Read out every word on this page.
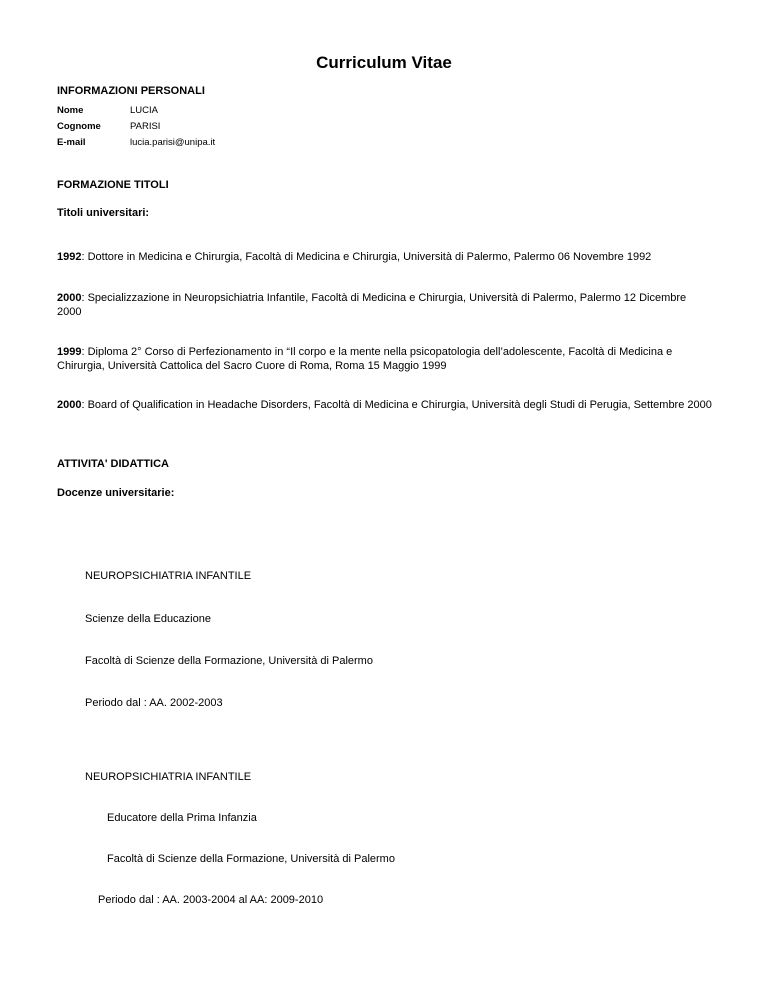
Curriculum Vitae
INFORMAZIONI PERSONALI
Nome	LUCIA
Cognome	PARISI
E-mail	lucia.parisi@unipa.it
FORMAZIONE TITOLI
Titoli universitari:
1992: Dottore in Medicina e Chirurgia, Facoltà di Medicina e Chirurgia, Università di Palermo, Palermo 06 Novembre 1992
2000: Specializzazione in Neuropsichiatria Infantile, Facoltà di Medicina e Chirurgia, Università di Palermo, Palermo 12 Dicembre 2000
1999: Diploma 2° Corso di Perfezionamento in “Il corpo e la mente nella psicopatologia dell’adolescente, Facoltà di Medicina e Chirurgia, Università Cattolica del Sacro Cuore di Roma, Roma 15 Maggio 1999
2000: Board of Qualification in Headache Disorders, Facoltà di Medicina e Chirurgia, Università degli Studi di Perugia, Settembre 2000
ATTIVITA' DIDATTICA
Docenze universitarie:
NEUROPSICHIATRIA INFANTILE
Scienze della Educazione
Facoltà di Scienze della Formazione, Università di Palermo
Periodo dal : AA. 2002-2003
NEUROPSICHIATRIA INFANTILE
Educatore della Prima Infanzia
Facoltà di Scienze della Formazione, Università di Palermo
Periodo dal : AA. 2003-2004 al AA: 2009-2010
